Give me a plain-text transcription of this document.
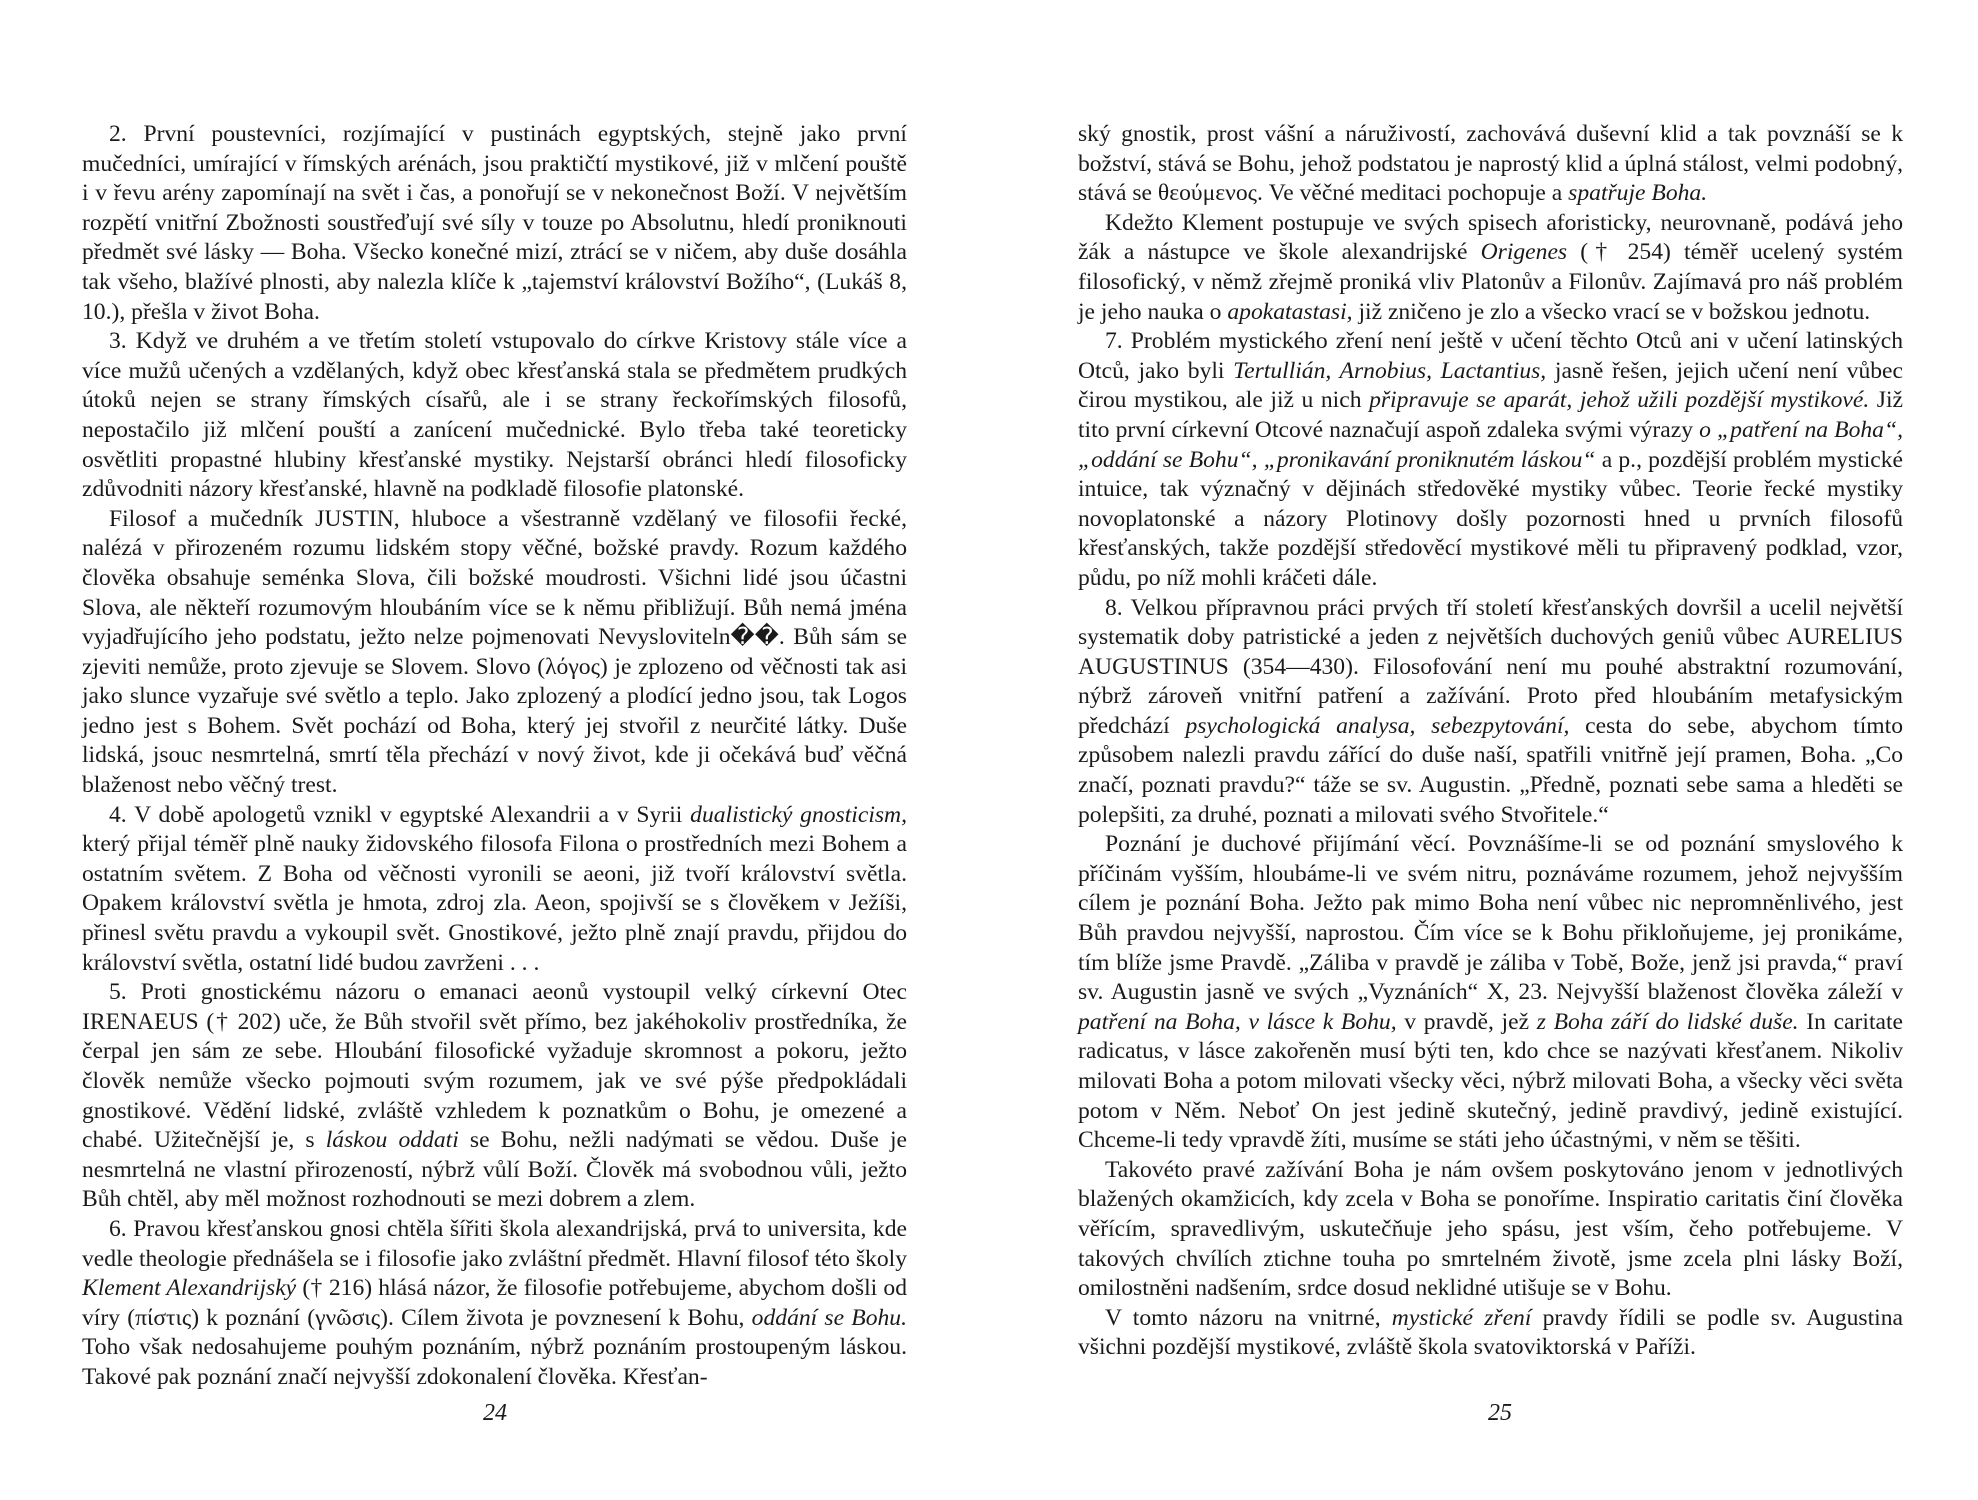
2. První poustevníci, rozjímající v pustinách egyptských, stejně jako první mučedníci, umírající v římských arénách, jsou praktičtí mystikové, již v mlčení pouště i v řevu arény zapomínají na svět i čas, a ponořují se v nekonečnost Boží. V největším rozpětí vnitřní Zbožnosti soustřeďují své síly v touze po Absolutnu, hledí proniknouti předmět své lásky — Boha. Všecko konečné mizí, ztrácí se v ničem, aby duše dosáhla tak všeho, blažívé plnosti, aby nalezla klíče k „tajemství království Božího“, (Lukáš 8, 10.), přešla v život Boha.

3. Když ve druhém a ve třetím století vstupovalo do církve Kristovy stále více a více mužů učených a vzdělaných, když obec křesťanská stala se předmětem prudkých útoků nejen se strany římských císařů, ale i se strany řeckořímských filosofů, nepostačilo již mlčení pouští a zanícení mučednické. Bylo třeba také teoreticky osvětliti propastné hlubiny křesťanské mystiky. Nejstarší obránci hledí filosoficky zdůvodniti názory křesťanské, hlavně na podkladě filosofie platonské.

Filosof a mučedník JUSTIN, hluboce a všestranně vzdělaný ve filosofii řecké, nalézá v přirozeném rozumu lidském stopy věčné, božské pravdy. Rozum každého člověka obsahuje seménka Slova, čili božské moudrosti. Všichni lidé jsou účastni Slova, ale někteří rozumovým hloubáním více se k němu přibližují. Bůh nemá jména vyjadřujícího jeho podstatu, ježto nelze pojmenovati Nevysloviteln��. Bůh sám se zjeviti nemůže, proto zjevuje se Slovem. Slovo (λόγος) je zplozeno od věčnosti tak asi jako slunce vyzařuje své světlo a teplo. Jako zplozený a plodící jedno jsou, tak Logos jedno jest s Bohem. Svět pochází od Boha, který jej stvořil z neurčité látky. Duše lidská, jsouc nesmrtelná, smrtí těla přechází v nový život, kde ji očekává buď věčná blaženost nebo věčný trest.

4. V době apologetů vznikl v egyptské Alexandrii a v Syrii dualistický gnosticism, který přijal téměř plně nauky židovského filosofa Filona o prostředních mezi Bohem a ostatním světem. Z Boha od věčnosti vyronili se aeoni, již tvoří království světla. Opakem království světla je hmota, zdroj zla. Aeon, spojivší se s člověkem v Ježíši, přinesl světu pravdu a vykoupil svět. Gnostikové, ježto plně znají pravdu, přijdou do království světla, ostatní lidé budou zavrženi . . .

5. Proti gnostickému názoru o emanaci aeonů vystoupil velký církevní Otec IRENAEUS († 202) uče, že Bůh stvořil svět přímo, bez jakéhokoliv prostředníka, že čerpal jen sám ze sebe. Hloubání filosofické vyžaduje skromnost a pokoru, ježto člověk nemůže všecko pojmouti svým rozumem, jak ve své pýše předpokládali gnostikové. Vědění lidské, zvláště vzhledem k poznatkům o Bohu, je omezené a chabé. Užitečnější je, s láskou oddati se Bohu, nežli nadýmati se vědou. Duše je nesmrtelná ne vlastní přirozeností, nýbrž vůlí Boží. Člověk má svobodnou vůli, ježto Bůh chtěl, aby měl možnost rozhodnouti se mezi dobrem a zlem.

6. Pravou křesťanskou gnosi chtěla šířiti škola alexandrijská, prvá to universita, kde vedle theologie přednášela se i filosofie jako zvláštní předmět. Hlavní filosof této školy Klement Alexandrijský († 216) hlásá názor, že filosofie potřebujeme, abychom došli od víry (πίστις) k poznání (γνῶσις). Cílem života je povznesení k Bohu, oddání se Bohu. Toho však nedosahujeme pouhým poznáním, nýbrž poznáním prostoupeným láskou. Takové pak poznání značí nejvyšší zdokonalení člověka. Křesťan-

24

ský gnostik, prost vášní a náruživostí, zachovává duševní klid a tak povznáší se k božství, stává se Bohu, jehož podstatou je naprostý klid a úplná stálost, velmi podobný, stává se θεούμενος. Ve věčné meditaci pochopuje a spatřuje Boha.

Kdežto Klement postupuje ve svých spisech aforisticky, neurovnaně, podává jeho žák a nástupce ve škole alexandrijské Origenes († 254) téměř ucelený systém filosofický, v němž zřejmě proniká vliv Platonův a Filonův. Zajímavá pro náš problém je jeho nauka o apokatastasi, již zničeno je zlo a všecko vrací se v božskou jednotu.

7. Problém mystického zření není ještě v učení těchto Otců ani v učení latinských Otců, jako byli Tertullián, Arnobius, Lactantius, jasně řešen, jejich učení není vůbec čirou mystikou, ale již u nich připravuje se aparát, jehož užili pozdější mystikové. Již tito první církevní Otcové naznačují aspoň zdaleka svými výrazy o „patření na Boha“, „oddání se Bohu“, „pronikavání proniknutém láskou“ a p., pozdější problém mystické intuice, tak význačný v dějinách středověké mystiky vůbec. Teorie řecké mystiky novoplatonské a názory Plotinovy došly pozornosti hned u prvních filosofů křesťanských, takže pozdější středověcí mystikové měli tu připravený podklad, vzor, půdu, po níž mohli kráčeti dále.

8. Velkou přípravnou práci prvých tří století křesťanských dovršil a ucelil největší systematik doby patristické a jeden z největších duchových geniů vůbec AURELIUS AUGUSTINUS (354—430). Filosofování není mu pouhé abstraktní rozumování, nýbrž zároveň vnitřní patření a zažívání. Proto před hloubáním metafysickým předchází psychologická analysa, sebezpytování, cesta do sebe, abychom tímto způsobem nalezli pravdu zářící do duše naší, spatřili vnitřně její pramen, Boha. „Co značí, poznati pravdu?“ táže se sv. Augustin. „Předně, poznati sebe sama a hleděti se polepšiti, za druhé, poznati a milovati svého Stvořitele.“

Poznání je duchové přijímání věcí. Povznášíme-li se od poznání smyslového k příčinám vyšším, hloubáme-li ve svém nitru, poznáváme rozumem, jehož nejvyšším cílem je poznání Boha. Ježto pak mimo Boha není vůbec nic nepromněnlivého, jest Bůh pravdou nejvyšší, naprostou. Čím více se k Bohu přikloňujeme, jej pronikáme, tím blíže jsme Pravdě. „Záliba v pravdě je záliba v Tobě, Bože, jenž jsi pravda,“ praví sv. Augustin jasně ve svých „Vyznáních“ X, 23. Nejvyšší blaženost člověka záleží v patření na Boha, v lásce k Bohu, v pravdě, jež z Boha září do lidské duše. In caritate radicatus, v lásce zakořeněn musí býti ten, kdo chce se nazývati křesťanem. Nikoliv milovati Boha a potom milovati všecky věci, nýbrž milovati Boha, a všecky věci světa potom v Něm. Neboť On jest jedině skutečný, jedině pravdivý, jedině existující. Chceme-li tedy vpravdě žíti, musíme se státi jeho účastnými, v něm se těšiti.

Takovéto pravé zažívání Boha je nám ovšem poskytováno jenom v jednotlivých blažených okamžicích, kdy zcela v Boha se ponoříme. Inspiratio caritatis činí člověka věřícím, spravedlivým, uskutečňuje jeho spásu, jest vším, čeho potřebujeme. V takových chvílích ztichne touha po smrtelném životě, jsme zcela plni lásky Boží, omilostněni nadšením, srdce dosud neklidné utišuje se v Bohu.

V tomto názoru na vnitrné, mystické zření pravdy řídili se podle sv. Augustina všichni pozdější mystikové, zvláště škola svatoviktorská v Paříži.

25
